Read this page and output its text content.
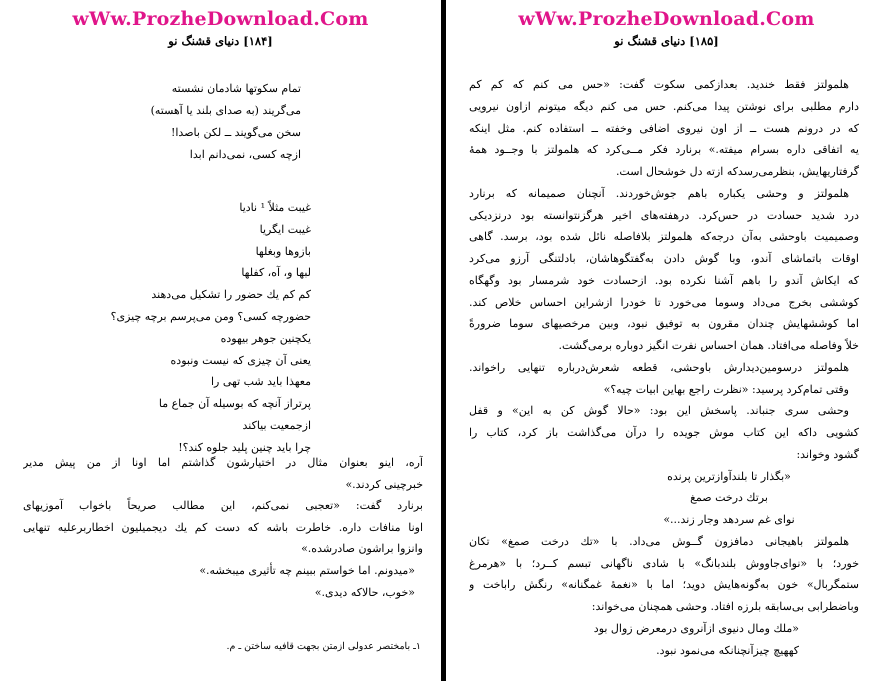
wWw.ProzheDownload.Com
[۱۸۴] دنیای قشنگ نو
تمام سکوتها شادمان نشسته
می‌گریند (به صدای بلند یا آهسته)
سخن می‌گویند ــ لکن باصدا!
ازچه کسی، نمی‌دانم ابدا
غیبت مثلاً ¹ نادیا
غیبت ایگریا
بازوها وبغلها
لبها و، آه، کفلها
کم کم یك حضور را تشکیل می‌دهند
حضورچه کسی؟ ومن می‌پرسم برچه چیزی؟
یکچنین جوهر بیهوده
یعنی آن چیزی که نیست ونبوده
معهذا باید شب تهی را
پرتراز آنچه که بوسیله آن جماع ما
ازجمعیت بیاکند
چرا باید چنین پلید جلوه کند؟!
آره، اینو بعنوان مثال در اختیارشون گذاشتم اما اونا از من پیش مدیر
خبرچینی کردند.»
برنارد گفت: «تعجبی نمی‌کنم، این مطالب صریحاً باخواب آموزیهای
اونا منافات داره. خاطرت باشه که دست کم یك دیجمیلیون اخطاربرعلیه تنهایی
وانزوا براشون صادرشده.»
«میدونم. اما خواستم ببینم چه تأثیری میبخشه.»
«خوب، حالاکه دیدی.»
۱ـ بامختصر عدولی ازمتن بجهت قافیه ساختن ـ م.
wWw.ProzheDownload.Com
[۱۸۵] دنیای قشنگ نو
هلمولتز فقط خندید. بعدازکمی سکوت گفت: «حس می کنم که کم کم
دارم مطلبی برای نوشتن پیدا می‌کنم. حس می کنم دیگه میتونم ازاون نیرویی
که در درونم هست ــ از اون نیروی اضافی وخفته ــ استفاده کنم. مثل اینکه
یه اتفاقی داره بسرام میفته.» برنارد فکر مــی‌کرد که هلمولتز با وجــود همهٔ
گرفتاریهایش، بنظرمی‌رسدکه ازته دل خوشحال است.
هلمولتز و وحشی یکباره باهم جوش‌خوردند. آنچنان صمیمانه که برنارد
درد شدید حسادت در حس‌کرد. درهفته‌های اخیر هرگزنتوانسته بود درنزدیکی
وصمیمیت باوحشی به‌آن درجه‌که هلمولتز بلافاصله نائل شده بود، برسد. گاهی
اوقات باتماشای آندو، وبا گوش دادن به‌گفتگوهاشان، بادلتنگی آرزو می‌کرد
که ایکاش آندو را باهم آشنا نکرده بود. ازحسادت خود شرمسار بود وگهگاه
کوششی بخرج می‌داد وسوما می‌خورد تا خودرا ازشراین احساس خلاص کند.
اما کوششهایش چندان مقرون به توفیق نبود، وبین مرخصیهای سوما ضرورةً
خلاً وفاصله می‌افتاد. همان احساس نفرت انگیز دوباره برمی‌گشت.
هلمولتز درسومین‌دیدارش باوحشی، قطعه شعرش‌درباره تنهایی راخواند.
وقتی تمام‌کرد پرسید: «نظرت راجع بهاین ابیات چیه؟»
وحشی سری جنباند. پاسخش این بود: «حالا گوش کن به این» و قفل
کشویی داکه این کتاب موش جویده را درآن می‌گذاشت باز کرد، کتاب را
گشود وخواند:
«بگذار تا بلندآوازترین پرنده
برتك درخت صمغ
نوای غم سردهد وجار زند...»
هلمولتز باهیجانی دمافزون گــوش می‌داد. با «تك درخت صمغ» تکان
خورد؛ با «نوای‌جاووش بلندبانگ» با شادی ناگهانی تبسم کــرد؛ با «هرمرغ
ستمگربال» خون به‌گونه‌هایش دوید؛ اما با «نغمهٔ غمگنانه» رنگش راباخت و
وباضطرابی بی‌سابقه بلرزه افتاد. وحشی همچنان می‌خواند:
«ملك ومال دنیوی ازآنروی درمعرض زوال بود
کههیچ چیزآنچنانکه می‌نمود نبود.
